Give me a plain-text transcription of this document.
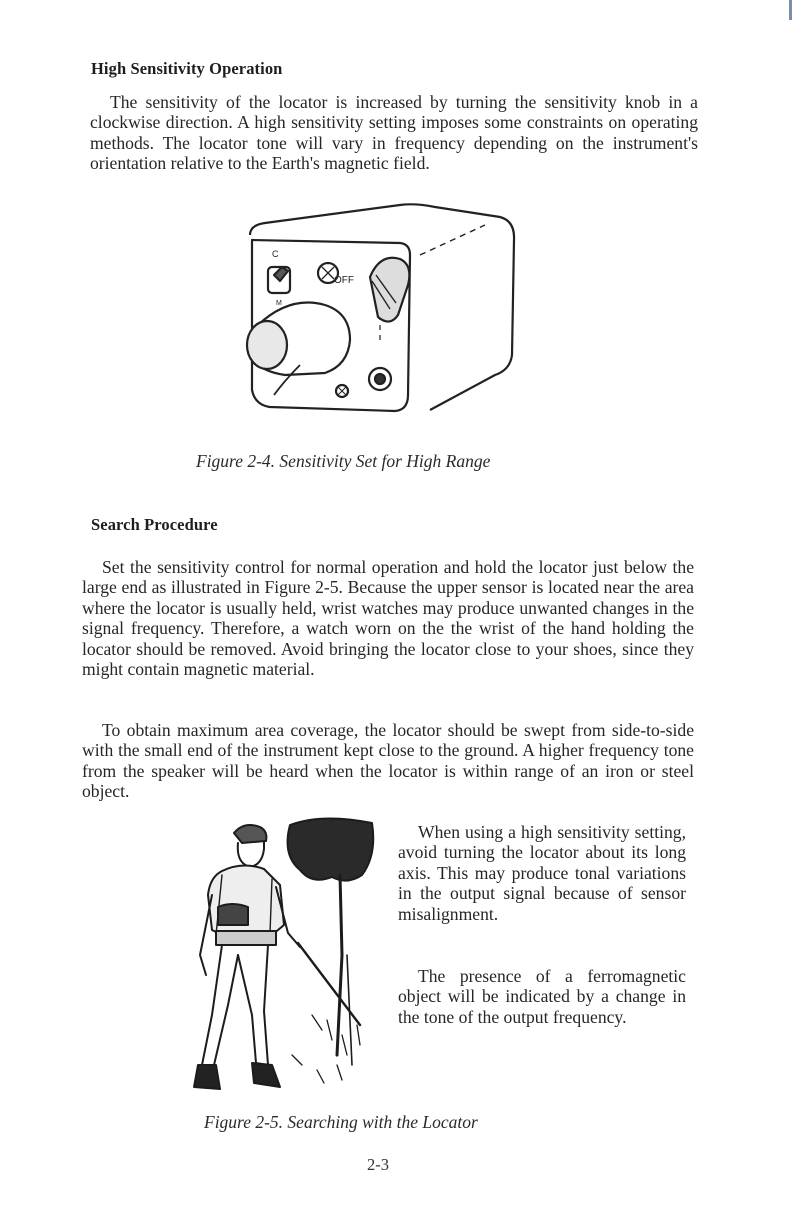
High Sensitivity Operation
The sensitivity of the locator is increased by turning the sensitivity knob in a clockwise direction. A high sensitivity setting imposes some constraints on operating methods. The locator tone will vary in frequency depending on the instrument's orientation relative to the Earth's magnetic field.
C
M
OFF
Figure 2-4. Sensitivity Set for High Range
Search Procedure
Set the sensitivity control for normal operation and hold the locator just below the large end as illustrated in Figure 2-5. Because the upper sensor is located near the area where the locator is usually held, wrist watches may produce unwanted changes in the signal frequency. Therefore, a watch worn on the the wrist of the hand holding the locator should be removed. Avoid bringing the locator close to your shoes, since they might contain magnetic material.
To obtain maximum area coverage, the locator should be swept from side-to-side with the small end of the instrument kept close to the ground. A higher frequency tone from the speaker will be heard when the locator is within range of an iron or steel object.
When using a high sensitivity setting, avoid turning the locator about its long axis. This may produce tonal variations in the output signal because of sensor misalignment.
The presence of a ferromagnetic object will be indicated by a change in the tone of the output frequency.
Figure 2-5. Searching with the Locator
2-3
